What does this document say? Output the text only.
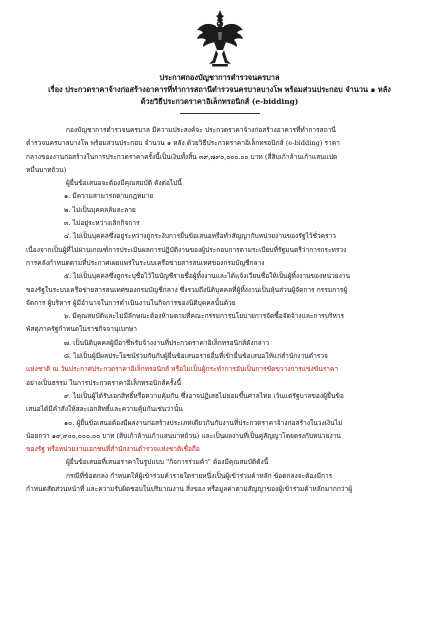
ประกาศกองบัญชาการตำรวจนครบาล
เรื่อง ประกวดราคาจ้างก่อสร้างอาคารที่ทำการสถานีตำรวจนครบาลบางโพ พร้อมส่วนประกอบ จำนวน ๑ หลัง
ด้วยวิธีประกวดราคาอิเล็กทรอนิกส์ (e-bidding)

กองบัญชาการตำรวจนครบาล มีความประสงค์จะ ประกวดราคาจ้างก่อสร้างอาคารที่ทำการสถานี

ตำรวจนครบาลบางโพ พร้อมส่วนประกอบ จำนวน ๑ หลัง ด้วยวิธีประกวดราคาอิเล็กทรอนิกส์ (e-bidding) ราคา

กลางของงานก่อสร้างในการประกวดราคาครั้งนี้เป็นเงินทั้งสิ้น ๓๙,๗๙๐,๐๐๐.๐๐ บาท (สี่สิบเก้าล้านเก้าแสนแปด

หมื่นบาทถ้วน)

ผู้ยื่นข้อเสนอจะต้องมีคุณสมบัติ ดังต่อไปนี้

๑. มีความสามารถตามกฎหมาย

๒. ไม่เป็นบุคคลล้มละลาย

๓. ไม่อยู่ระหว่างเลิกกิจการ

๔. ไม่เป็นบุคคลซึ่งอยู่ระหว่างถูกระงับการยื่นข้อเสนอหรือทำสัญญากับหน่วยงานของรัฐไว้ชั่วคราว

เนื่องจากเป็นผู้ที่ไม่ผ่านเกณฑ์การประเมินผลการปฏิบัติงานของผู้ประกอบการตามระเบียบที่รัฐมนตรีว่าการกระทรวง

การคลังกำหนดตามที่ประกาศเผยแพร่ในระบบเครือข่ายสารสนเทศของกรมบัญชีกลาง

๕. ไม่เป็นบุคคลซึ่งถูกระบุชื่อไว้ในบัญชีรายชื่อผู้ทิ้งงานและได้แจ้งเวียนชื่อให้เป็นผู้ทิ้งงานของหน่วยงาน

ของรัฐในระบบเครือข่ายสารสนเทศของกรมบัญชีกลาง ซึ่งรวมถึงนิติบุคคลที่ผู้ทิ้งงานเป็นหุ้นส่วนผู้จัดการ กรรมการผู้

จัดการ ผู้บริหาร ผู้มีอำนาจในการดำเนินงานในกิจการของนิติบุคคลนั้นด้วย

๖. มีคุณสมบัติและไม่มีลักษณะต้องห้ามตามที่คณะกรรมการนโยบายการจัดซื้อจัดจ้างและการบริหาร

พัสดุภาครัฐกำหนดในราชกิจจานุเบกษา

๗. เป็นนิติบุคคลผู้มีอาชีพรับจ้างงานที่ประกวดราคาอิเล็กทรอนิกส์ดังกล่าว

๘. ไม่เป็นผู้มีผลประโยชน์ร่วมกันกับผู้ยื่นข้อเสนอรายอื่นที่เข้ายื่นข้อเสนอให้แก่สำนักงานตำรวจ

แห่งชาติ ณ วันประกาศประกวดราคาอิเล็กทรอนิกส์ หรือไม่เป็นผู้กระทำการอันเป็นการขัดขวางการแข่งขันราคา

อย่างเป็นธรรม ในการประกวดราคาอิเล็กทรอนิกส์ครั้งนี้

๙. ไม่เป็นผู้ได้รับเอกสิทธิ์หรือความคุ้มกัน ซึ่งอาจปฏิเสธไม่ยอมขึ้นศาลไทย เว้นแต่รัฐบาลของผู้ยื่นข้อ

เสนอได้มีคำสั่งให้สละเอกสิทธิ์และความคุ้มกันเช่นว่านั้น

๑๐. ผู้ยื่นข้อเสนอต้องมีผลงานก่อสร้างประเภทเดียวกันกับงานที่ประกวดราคาจ้างก่อสร้างในวงเงินไม่

น้อยกว่า ๑๙,๙๐๐,๐๐๐.๐๐ บาท (สิบเก้าล้านเก้าแสนบาทถ้วน) และเป็นผลงานที่เป็นคู่สัญญาโดยตรงกับหน่วยงาน

ของรัฐ หรือหน่วยงานเอกชนที่สำนักงานตำรวจแห่งชาติเชื่อถือ

ผู้ยื่นข้อเสนอที่เสนอราคาในรูปแบบ "กิจการร่วมค้า" ต้องมีคุณสมบัติดังนี้

กรณีที่ข้อตกลง กำหนดให้ผู้เข้าร่วมค้ารายใดรายหนึ่งเป็นผู้เข้าร่วมค้าหลัก ข้อตกลงจะต้องมีการ

กำหนดสัดส่วนหน้าที่ และความรับผิดชอบในปริมาณงาน สิ่งของ หรือมูลค่าตามสัญญาของผู้เข้าร่วมค้าหลักมากกว่าผู้
